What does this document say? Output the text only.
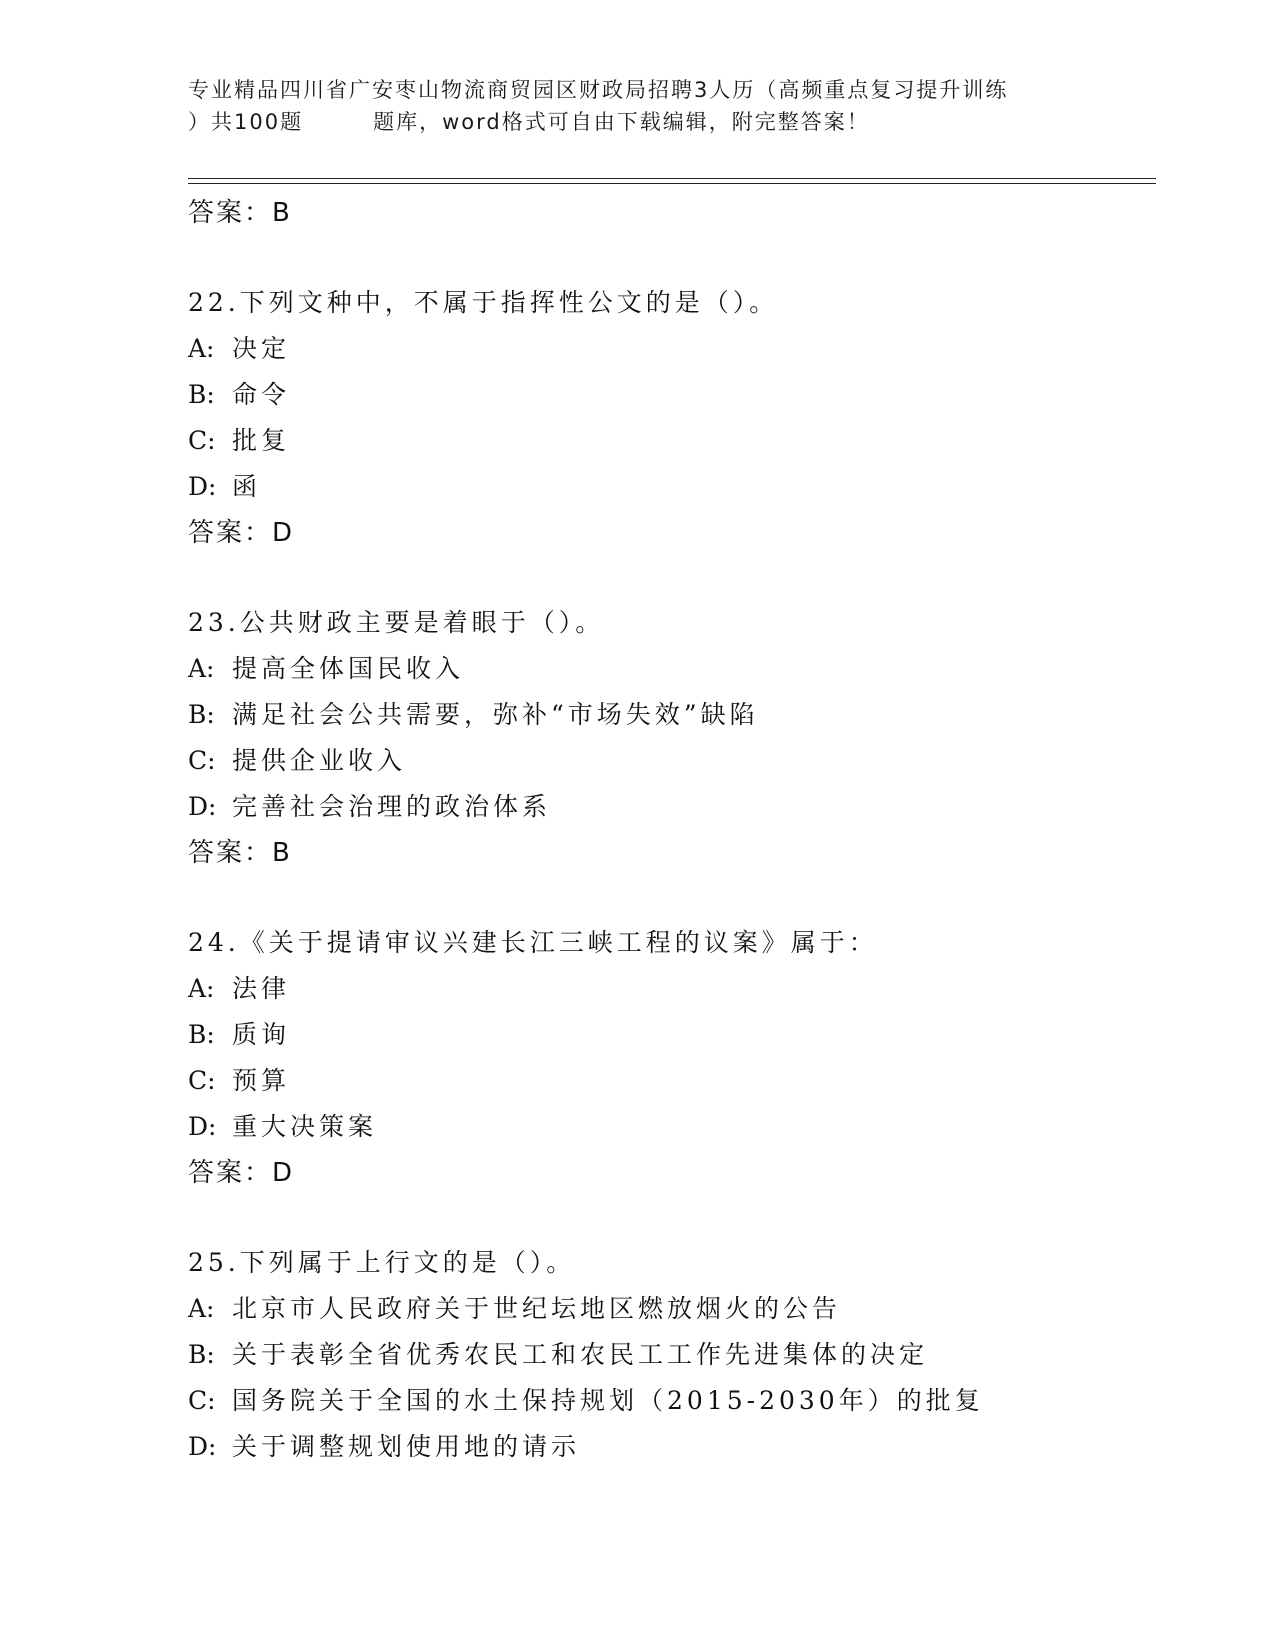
专业精品四川省广安枣山物流商贸园区财政局招聘3人历（高频重点复习提升训练
）共100题	题库，word格式可自由下载编辑，附完整答案！
答案：B
22.下列文种中，不属于指挥性公文的是（）。
A: 决定
B: 命令
C: 批复
D: 函
答案：D
23.公共财政主要是着眼于（）。
A: 提高全体国民收入
B: 满足社会公共需要，弥补“市场失效”缺陷
C: 提供企业收入
D: 完善社会治理的政治体系
答案：B
24.《关于提请审议兴建长江三峡工程的议案》属于：
A: 法律
B: 质询
C: 预算
D: 重大决策案
答案：D
25.下列属于上行文的是（）。
A: 北京市人民政府关于世纪坛地区燃放烟火的公告
B: 关于表彰全省优秀农民工和农民工工作先进集体的决定
C: 国务院关于全国的水土保持规划（2015-2030年）的批复
D: 关于调整规划使用地的请示
